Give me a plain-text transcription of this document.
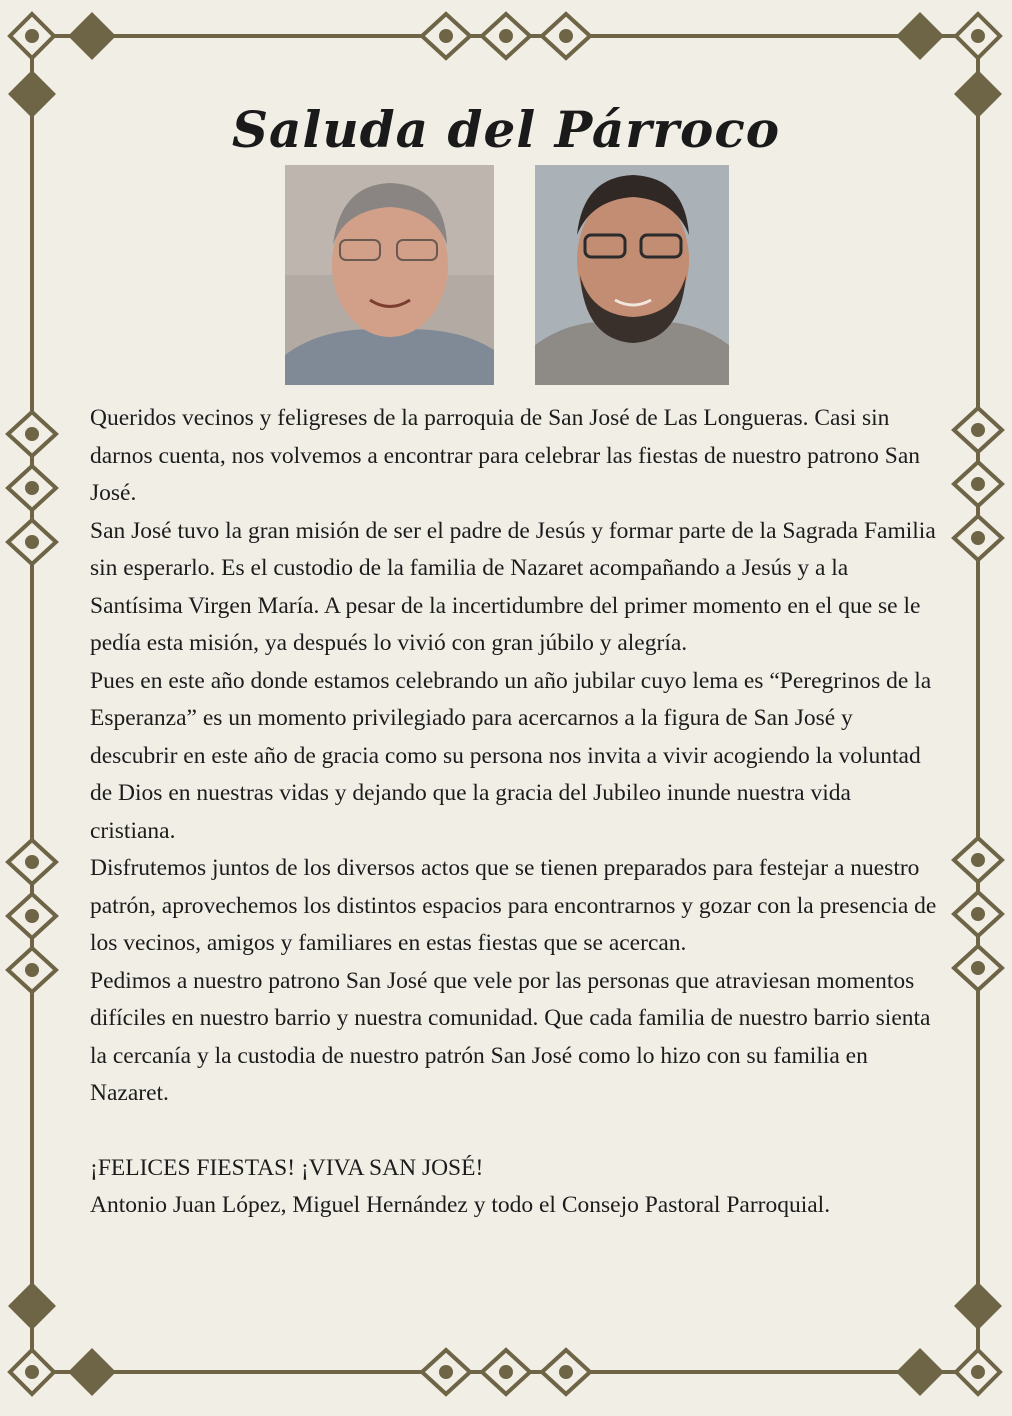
Saluda del Párroco

Queridos vecinos y feligreses de la parroquia de San José de Las Longueras. Casi sin darnos cuenta, nos volvemos a encontrar para celebrar las fiestas de nuestro patrono San José.

San José tuvo la gran misión de ser el padre de Jesús y formar parte de la Sagrada Familia sin esperarlo. Es el custodio de la familia de Nazaret acompañando a Jesús y a la Santísima Virgen María. A pesar de la incertidumbre del primer momento en el que se le pedía esta misión, ya después lo vivió con gran júbilo y alegría.

Pues en este año donde estamos celebrando un año jubilar cuyo lema es “Peregrinos de la Esperanza” es un momento privilegiado para acercarnos a la figura de San José y descubrir en este año de gracia como su persona nos invita a vivir acogiendo la voluntad de Dios en nuestras vidas y dejando que la gracia del Jubileo inunde nuestra vida cristiana.

Disfrutemos juntos de los diversos actos que se tienen preparados para festejar a nuestro patrón, aprovechemos los distintos espacios para encontrarnos y gozar con la presencia de los vecinos, amigos y familiares en estas fiestas que se acercan.

Pedimos a nuestro patrono San José que vele por las personas que atraviesan momentos difíciles en nuestro barrio y nuestra comunidad. Que cada familia de nuestro barrio sienta la cercanía y la custodia de nuestro patrón San José como lo hizo con su familia en Nazaret.

¡FELICES FIESTAS! ¡VIVA SAN JOSÉ!

Antonio Juan López, Miguel Hernández y todo el Consejo Pastoral Parroquial.
